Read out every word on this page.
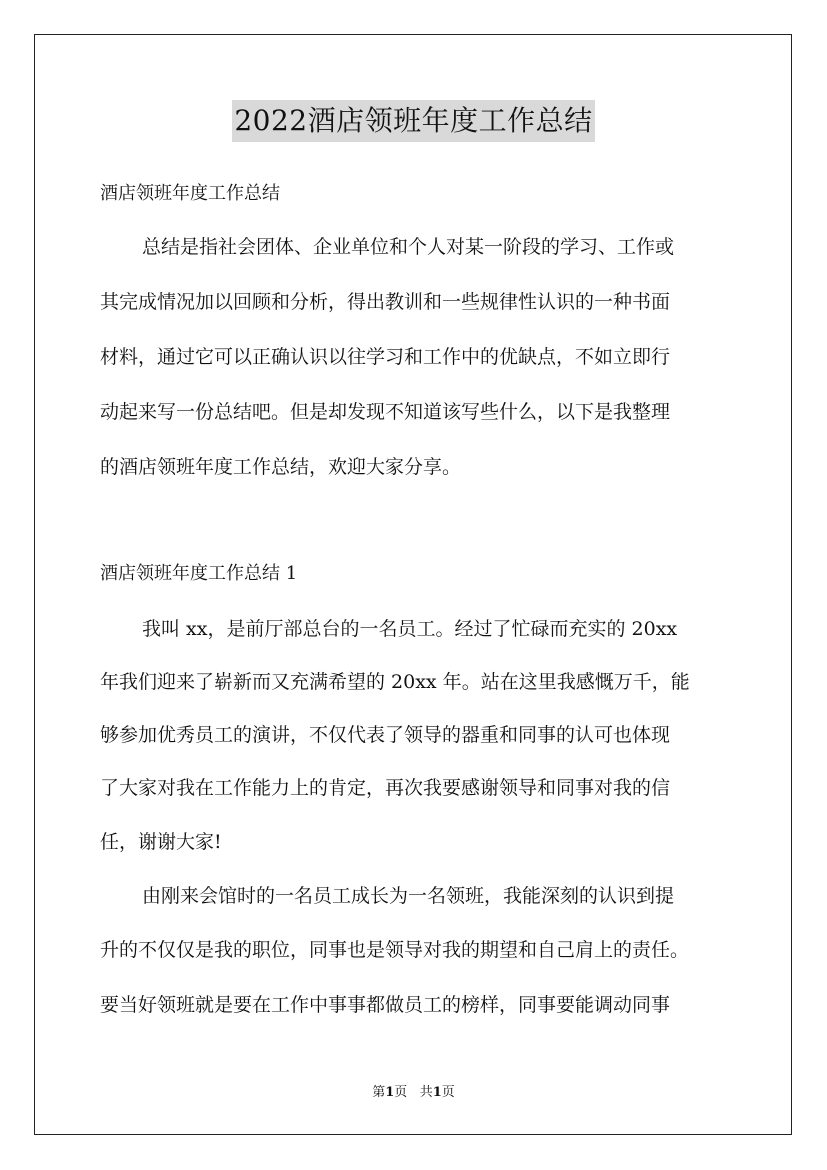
2022酒店领班年度工作总结
酒店领班年度工作总结
总结是指社会团体、企业单位和个人对某一阶段的学习、工作或
其完成情况加以回顾和分析，得出教训和一些规律性认识的一种书面
材料，通过它可以正确认识以往学习和工作中的优缺点，不如立即行
动起来写一份总结吧。但是却发现不知道该写些什么，以下是我整理
的酒店领班年度工作总结，欢迎大家分享。
酒店领班年度工作总结 1
我叫 xx，是前厅部总台的一名员工。经过了忙碌而充实的 20xx
年我们迎来了崭新而又充满希望的 20xx 年。站在这里我感慨万千，能
够参加优秀员工的演讲，不仅代表了领导的器重和同事的认可也体现
了大家对我在工作能力上的肯定，再次我要感谢领导和同事对我的信
任，谢谢大家!
由刚来会馆时的一名员工成长为一名领班，我能深刻的认识到提
升的不仅仅是我的职位，同事也是领导对我的期望和自己肩上的责任。
要当好领班就是要在工作中事事都做员工的榜样，同事要能调动同事
第1页   共1页
